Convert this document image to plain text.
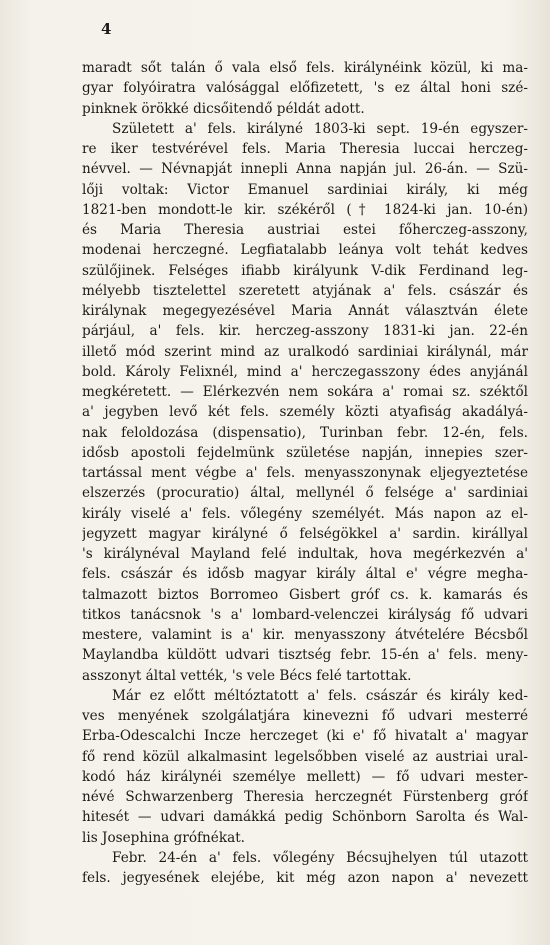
4
maradt sőt talán ő vala első fels. királynéink közül, ki ma-
gyar folyóiratra valósággal előfizetett, 's ez által honi szé-
pinknek örökké dicsőitendő példát adott.
Született a' fels. királyné 1803-ki sept. 19-én egyszer-
re iker testvérével fels. Maria Theresia luccai herczeg-
névvel. — Névnapját innepli Anna napján jul. 26-án. — Szü-
lőji voltak: Victor Emanuel sardiniai király, ki még
1821-ben mondott-le kir. székéről († 1824-ki jan. 10-én)
és Maria Theresia austriai estei főherczeg-asszony,
modenai herczegné. Legfiatalabb leánya volt tehát kedves
szülőjinek. Felséges ifiabb királyunk V-dik Ferdinand leg-
mélyebb tisztelettel szeretett atyjának a' fels. császár és
királynak megegyezésével Maria Annát választván élete
párjául, a' fels. kir. herczeg-asszony 1831-ki jan. 22-én
illető mód szerint mind az uralkodó sardiniai királynál, már
bold. Károly Felixnél, mind a' herczegasszony édes anyjánál
megkéretett. — Elérkezvén nem sokára a' romai sz. széktől
a' jegyben levő két fels. személy közti atyafiság akadályá-
nak feloldozása (dispensatio), Turinban febr. 12-én, fels.
idősb apostoli fejdelmünk születése napján, innepies szer-
tartással ment végbe a' fels. menyasszonynak eljegyeztetése
elszerzés (procuratio) által, mellynél ő felsége a' sardiniai
király viselé a' fels. vőlegény személyét. Más napon az el-
jegyzett magyar királyné ő felségökkel a' sardin. királlyal
's királynéval Mayland felé indultak, hova megérkezvén a'
fels. császár és idősb magyar király által e' végre megha-
talmazott biztos Borromeo Gisbert gróf cs. k. kamarás és
titkos tanácsnok 's a' lombard-velenczei királyság fő udvari
mestere, valamint is a' kir. menyasszony átvételére Bécsből
Maylandba küldött udvari tisztség febr. 15-én a' fels. meny-
asszonyt által vették, 's vele Bécs felé tartottak.
Már ez előtt méltóztatott a' fels. császár és király ked-
ves menyének szolgálatjára kinevezni fő udvari mesterré
Erba-Odescalchi Incze herczeget (ki e' fő hivatalt a' magyar
fő rend közül alkalmasint legelsőbben viselé az austriai ural-
kodó ház királynéi személye mellett) — fő udvari mester-
névé Schwarzenberg Theresia herczegnét Fürstenberg gróf
hitesét — udvari damákká pedig Schönborn Sarolta és Wal-
lis Josephina grófnékat.
Febr. 24-én a' fels. vőlegény Bécsujhelyen túl utazott
fels. jegyesének elejébe, kit még azon napon a' nevezett
